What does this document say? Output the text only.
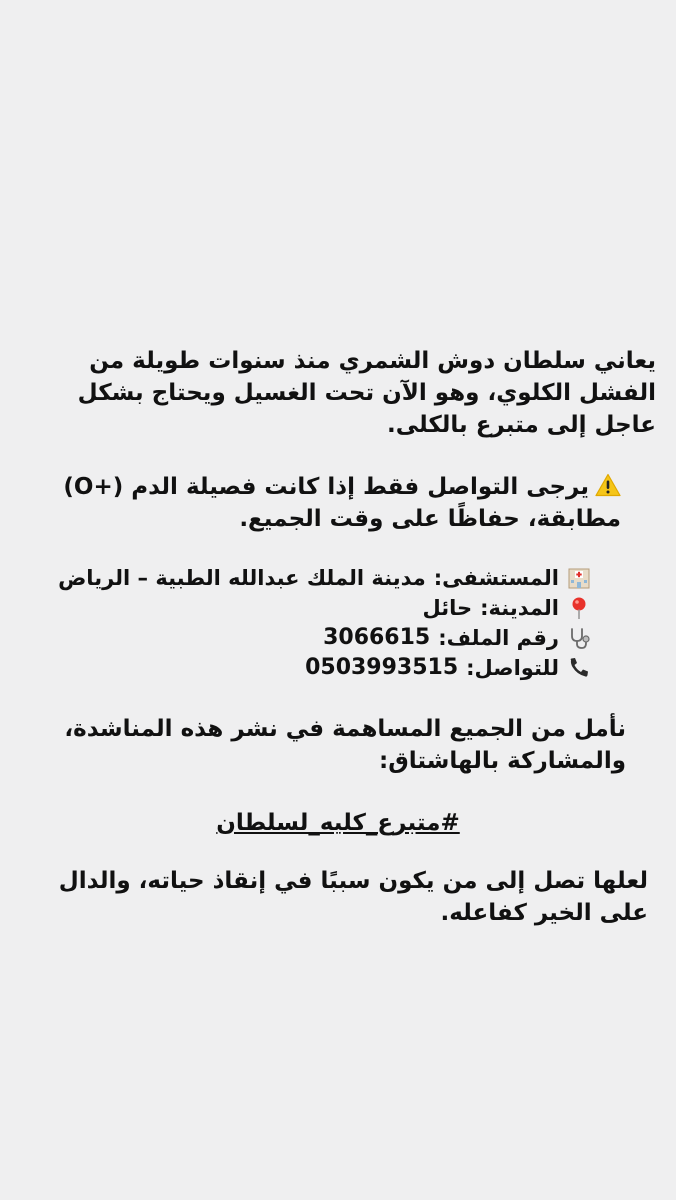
يعاني سلطان دوش الشمري منذ سنوات طويلة من الفشل الكلوي، وهو الآن تحت الغسيل ويحتاج بشكل عاجل إلى متبرع بالكلى.

يرجى التواصل فقط إذا كانت فصيلة الدم (+O) مطابقة، حفاظًا على وقت الجميع.

المستشفى:
مدينة الملك عبدالله الطبية – الرياض
المدينة:
حائل
رقم الملف:
3066615
للتواصل:
0503993515

نأمل من الجميع المساهمة في نشر هذه المناشدة، والمشاركة بالهاشتاق:

#متبرع_كليه_لسلطان

لعلها تصل إلى من يكون سببًا في إنقاذ حياته، والدال على الخير كفاعله.
